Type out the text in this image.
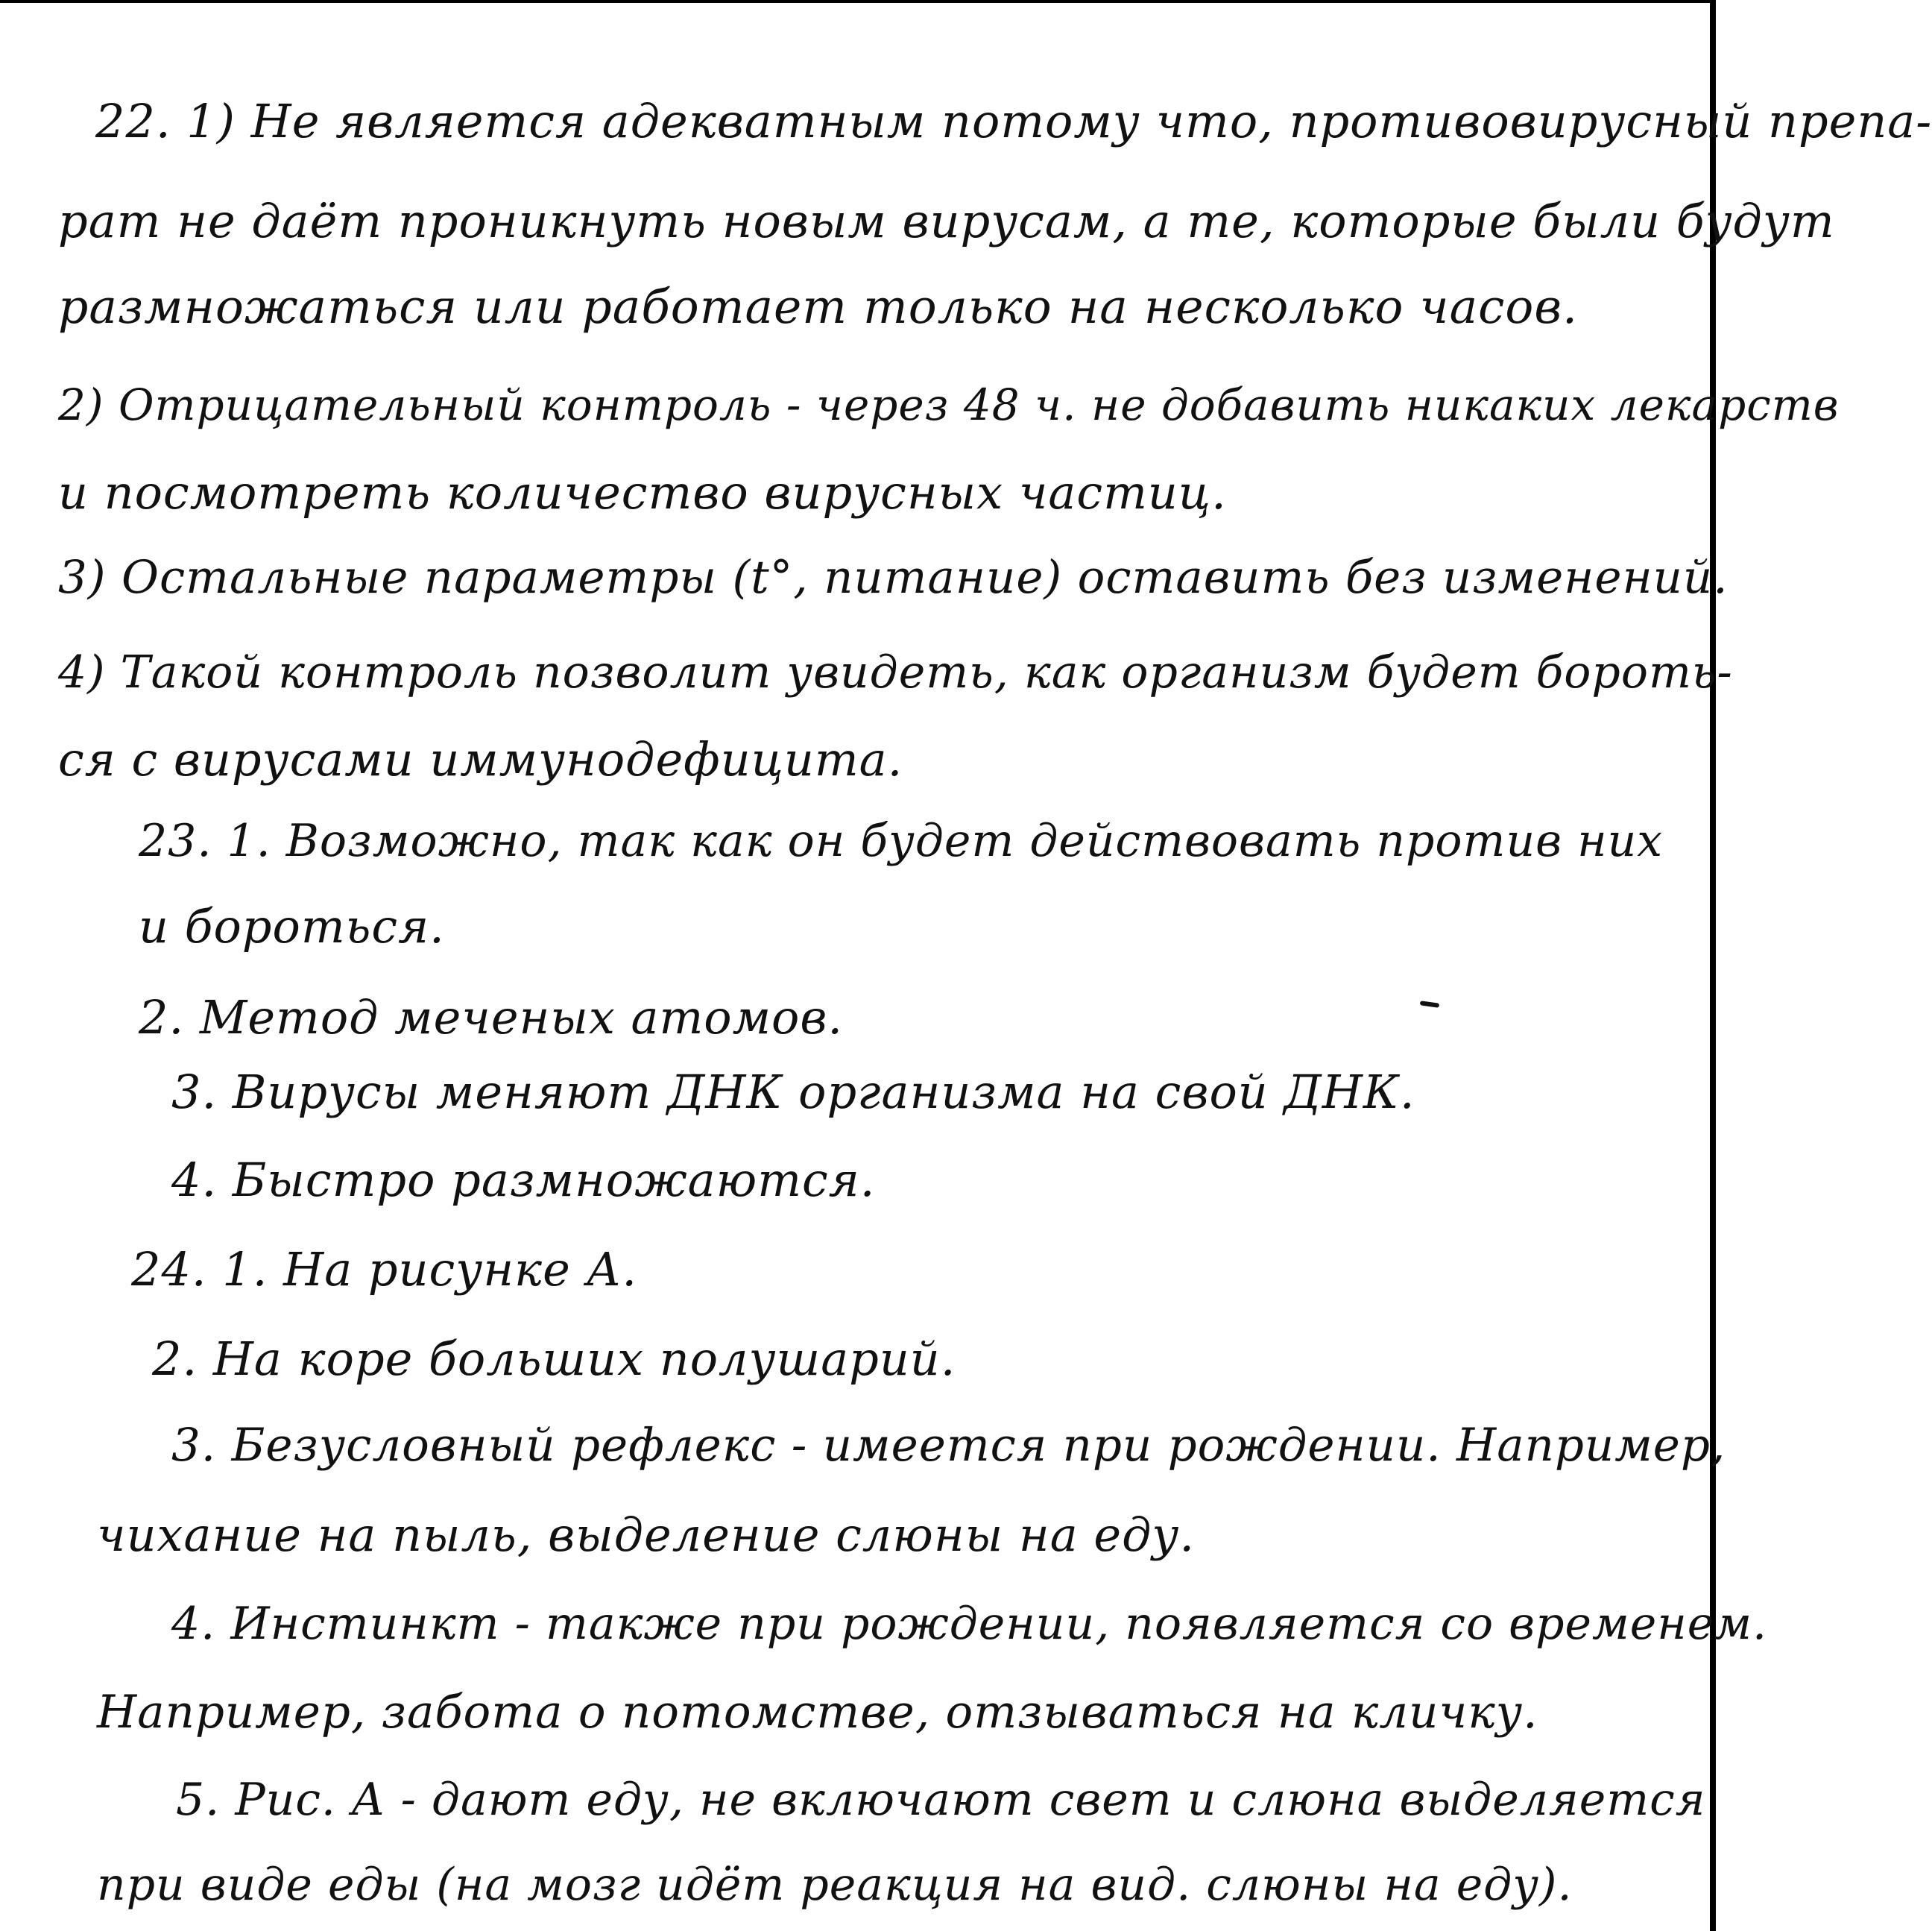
22. 1) Не является адекватным потому что, противовирусный препа-
рат не даёт проникнуть новым вирусам, а те, которые были будут
размножаться или работает только на несколько часов.
2) Отрицательный контроль - через 48 ч. не добавить никаких лекарств
и посмотреть количество вирусных частиц.
3) Остальные параметры (t°, питание) оставить без изменений.
4) Такой контроль позволит увидеть, как организм будет бороть-
ся с вирусами иммунодефицита.
23. 1. Возможно, так как он будет действовать против них
и бороться.
2. Метод меченых атомов.
3. Вирусы меняют ДНК организма на свой ДНК.
4. Быстро размножаются.
24. 1. На рисунке А.
2. На коре больших полушарий.
3. Безусловный рефлекс - имеется при рождении. Например,
чихание на пыль, выделение слюны на еду.
4. Инстинкт - также при рождении, появляется со временем.
Например, забота о потомстве, отзываться на кличку.
5. Рис. А - дают еду, не включают свет и слюна выделяется
при виде еды (на мозг идёт реакция на вид. слюны на еду).
